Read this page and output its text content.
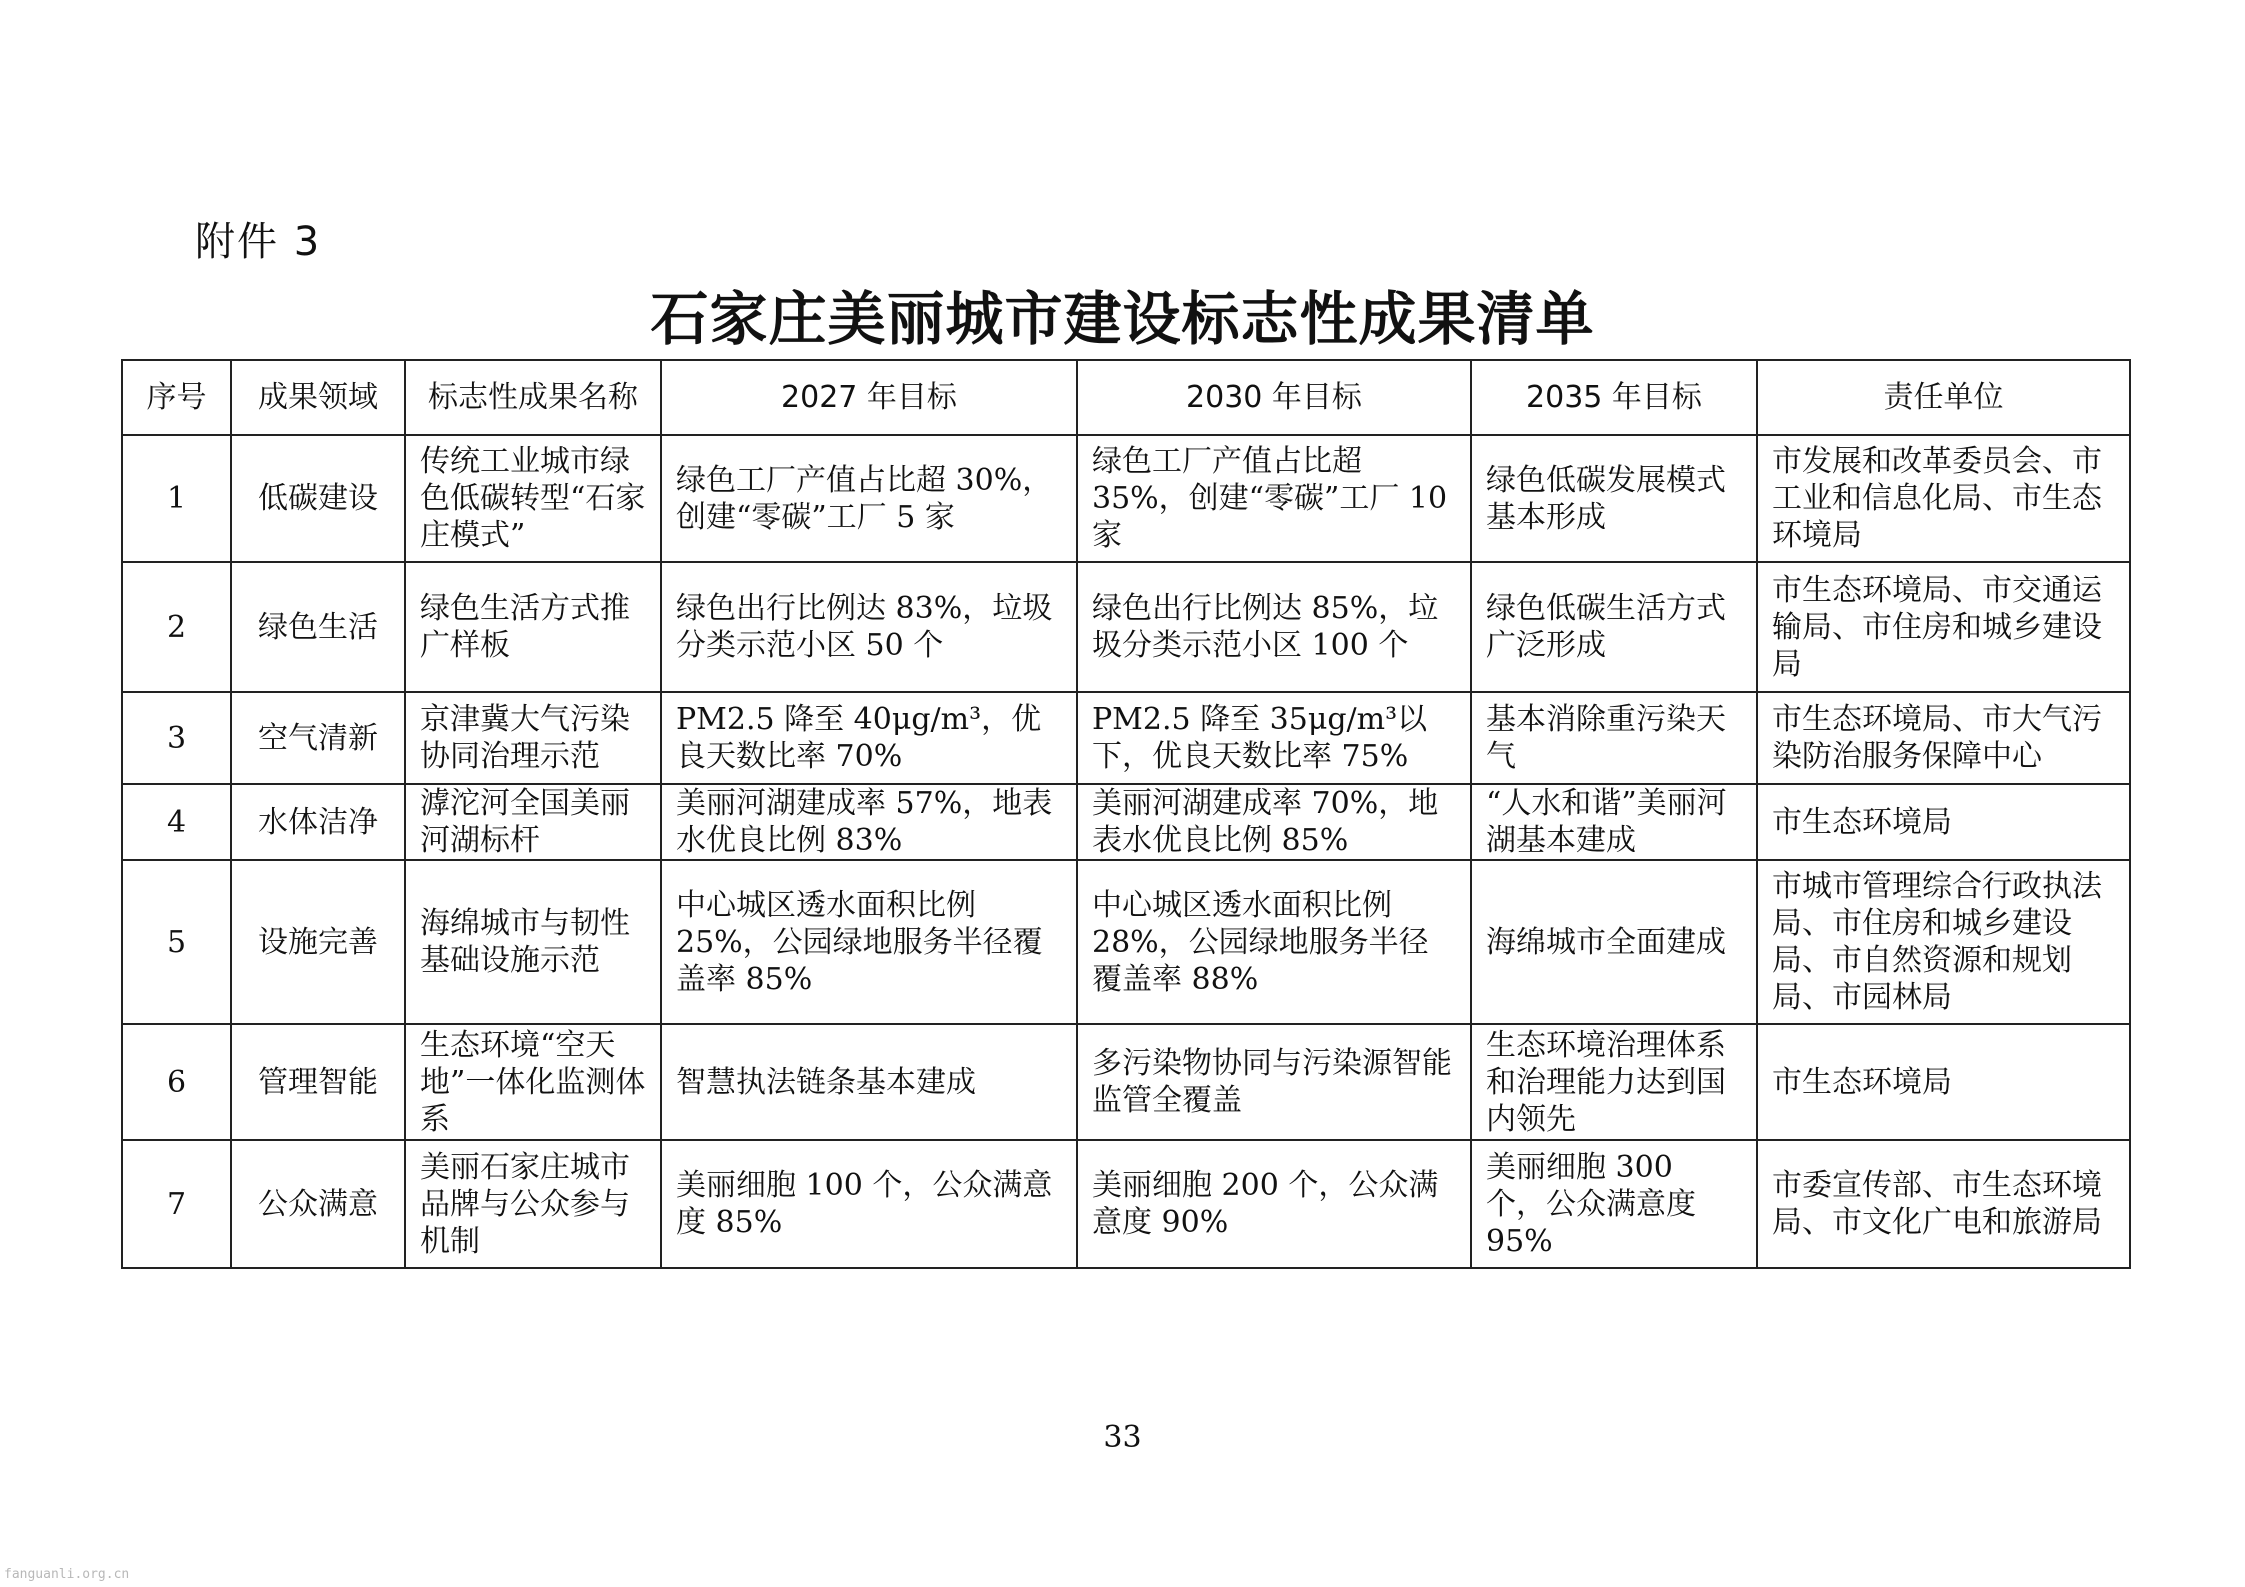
附件 3
石家庄美丽城市建设标志性成果清单
序号	成果领域	标志性成果名称	2027 年目标	2030 年目标	2035 年目标	责任单位
1	低碳建设	传统工业城市绿色低碳转型“石家庄模式”	绿色工厂产值占比超 30%，创建“零碳”工厂 5 家	绿色工厂产值占比超 35%，创建“零碳”工厂 10 家	绿色低碳发展模式基本形成	市发展和改革委员会、市工业和信息化局、市生态环境局
2	绿色生活	绿色生活方式推广样板	绿色出行比例达 83%，垃圾分类示范小区 50 个	绿色出行比例达 85%，垃圾分类示范小区 100 个	绿色低碳生活方式广泛形成	市生态环境局、市交通运输局、市住房和城乡建设局
3	空气清新	京津冀大气污染协同治理示范	PM2.5 降至 40μg/m³，优良天数比率 70%	PM2.5 降至 35μg/m³以下，优良天数比率 75%	基本消除重污染天气	市生态环境局、市大气污染防治服务保障中心
4	水体洁净	滹沱河全国美丽河湖标杆	美丽河湖建成率 57%，地表水优良比例 83%	美丽河湖建成率 70%，地表水优良比例 85%	“人水和谐”美丽河湖基本建成	市生态环境局
5	设施完善	海绵城市与韧性基础设施示范	中心城区透水面积比例 25%，公园绿地服务半径覆盖率 85%	中心城区透水面积比例 28%，公园绿地服务半径覆盖率 88%	海绵城市全面建成	市城市管理综合行政执法局、市住房和城乡建设局、市自然资源和规划局、市园林局
6	管理智能	生态环境“空天地”一体化监测体系	智慧执法链条基本建成	多污染物协同与污染源智能监管全覆盖	生态环境治理体系和治理能力达到国内领先	市生态环境局
7	公众满意	美丽石家庄城市品牌与公众参与机制	美丽细胞 100 个，公众满意度 85%	美丽细胞 200 个，公众满意度 90%	美丽细胞 300 个，公众满意度 95%	市委宣传部、市生态环境局、市文化广电和旅游局
33
fanguanli.org.cn
